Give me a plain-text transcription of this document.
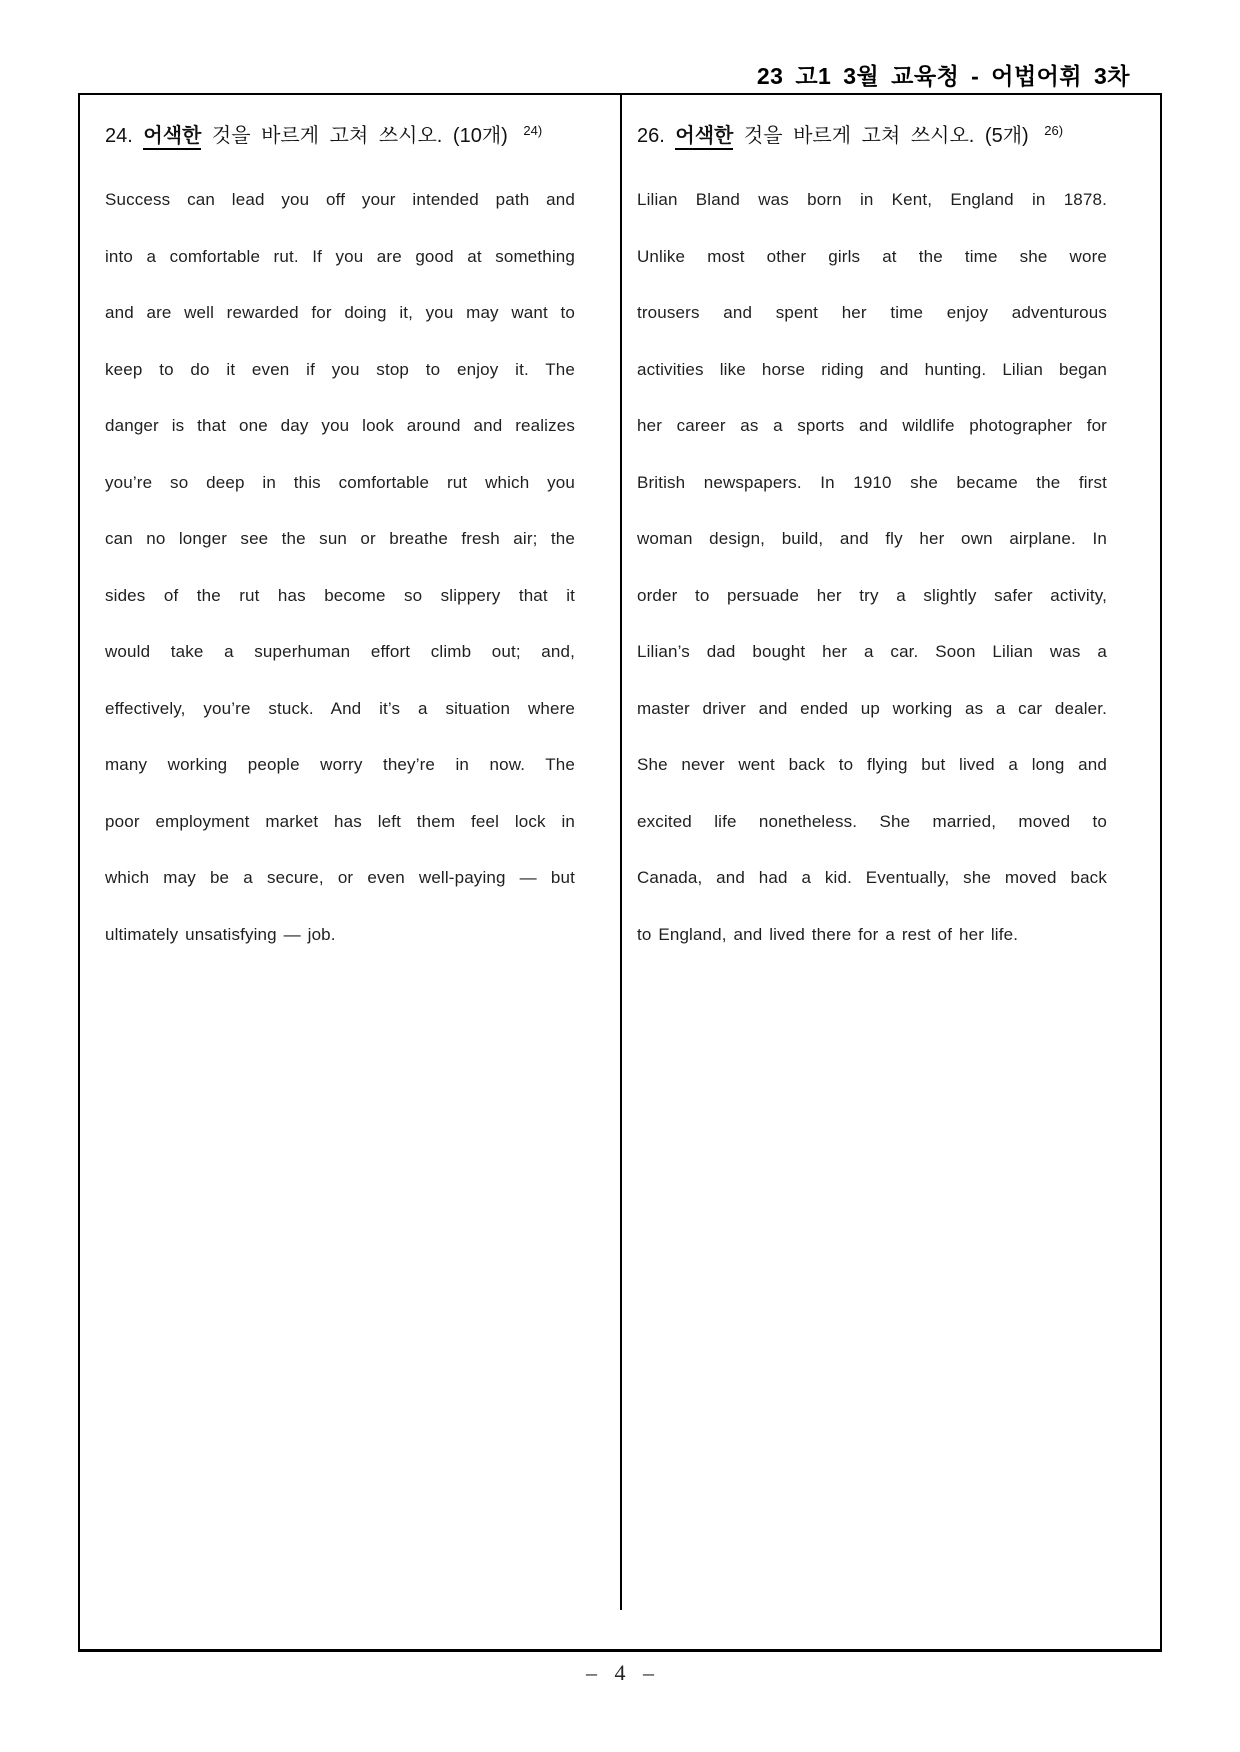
23 고1 3월 교육청 - 어법어휘 3차
24. 어색한 것을 바르게 고쳐 쓰시오. (10개) $^{24)}$
Success can lead you off your intended path and
into a comfortable rut. If you are good at something
and are well rewarded for doing it, you may want to
keep to do it even if you stop to enjoy it. The
danger is that one day you look around and realizes
you’re so deep in this comfortable rut which you
can no longer see the sun or breathe fresh air; the
sides of the rut has become so slippery that it
would take a superhuman effort climb out; and,
effectively, you’re stuck. And it’s a situation where
many working people worry they’re in now. The
poor employment market has left them feel lock in
which may be a secure, or even well-paying — but
ultimately unsatisfying — job.
26. 어색한 것을 바르게 고쳐 쓰시오. (5개) $^{26)}$
Lilian Bland was born in Kent, England in 1878.
Unlike most other girls at the time she wore
trousers and spent her time enjoy adventurous
activities like horse riding and hunting. Lilian began
her career as a sports and wildlife photographer for
British newspapers. In 1910 she became the first
woman design, build, and fly her own airplane. In
order to persuade her try a slightly safer activity,
Lilian’s dad bought her a car. Soon Lilian was a
master driver and ended up working as a car dealer.
She never went back to flying but lived a long and
excited life nonetheless. She married, moved to
Canada, and had a kid. Eventually, she moved back
to England, and lived there for a rest of her life.
– 4 –
